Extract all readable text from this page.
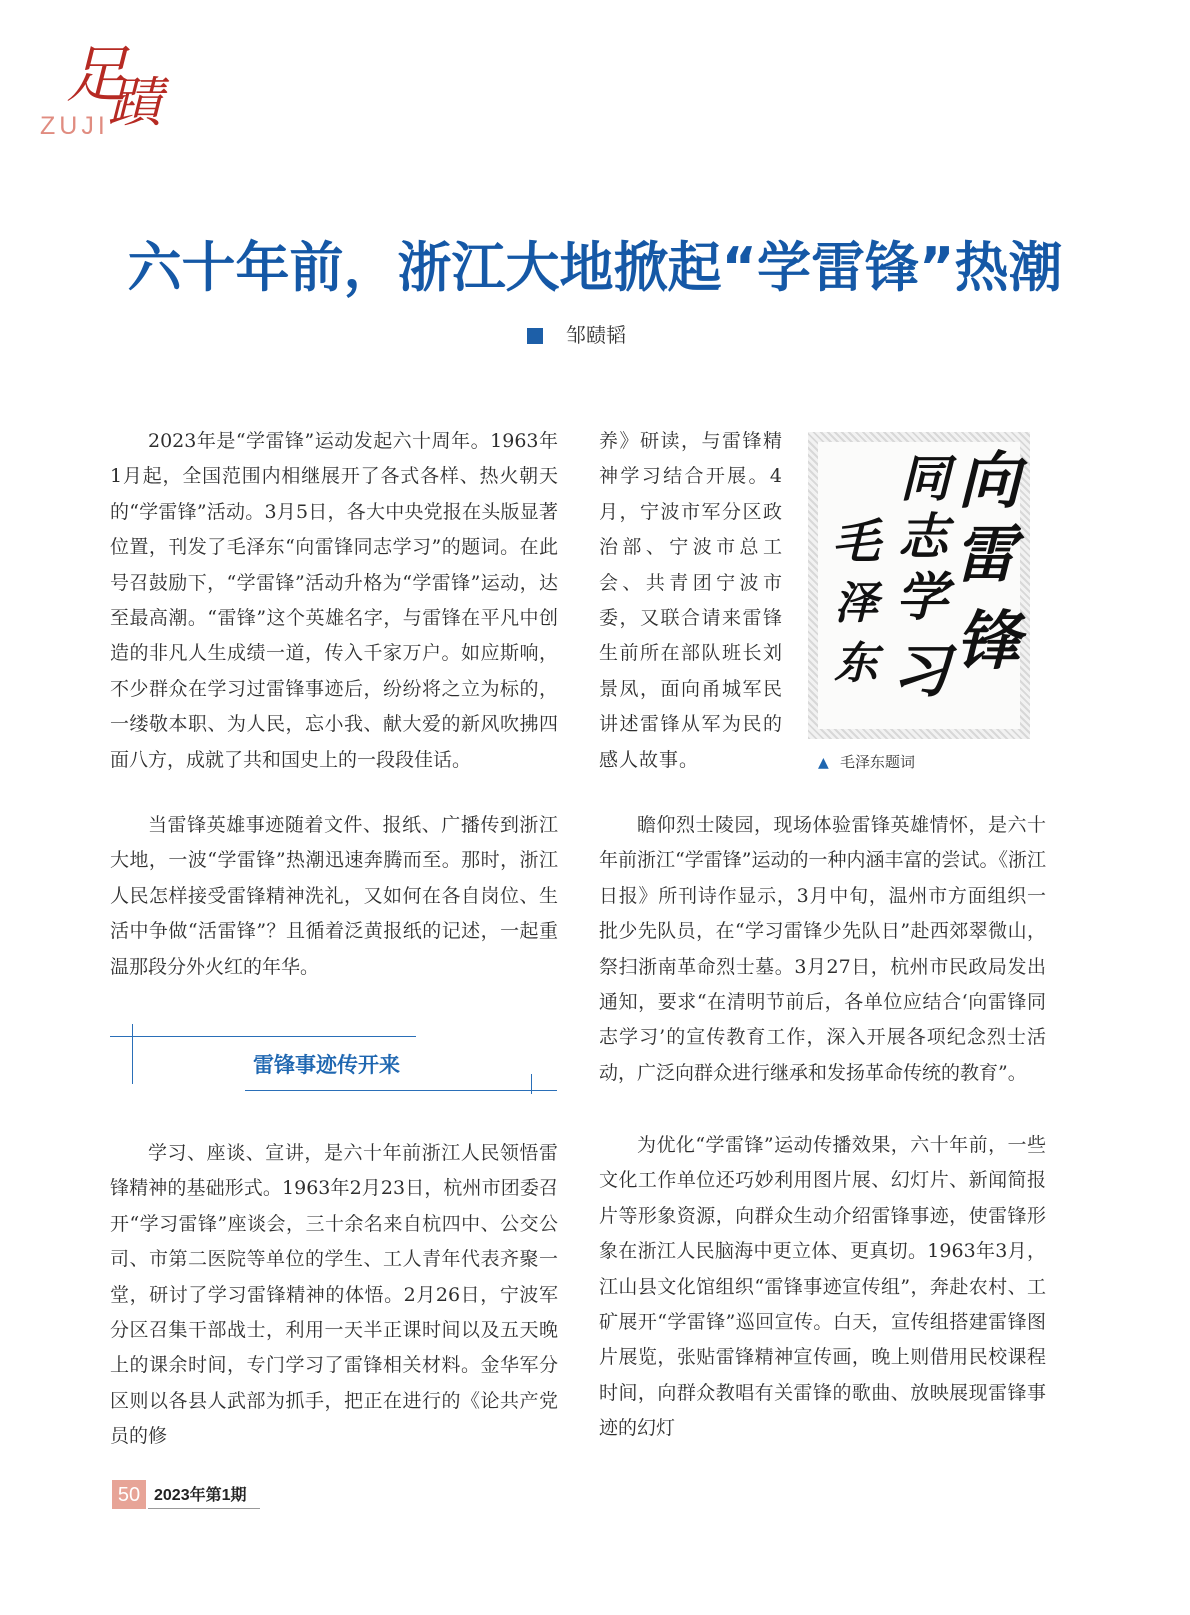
足
蹟
ZUJI
六十年前，浙江大地掀起“学雷锋”热潮
邹赜韬

2023年是“学雷锋”运动发起六十周年。1963年1月起，全国范围内相继展开了各式各样、热火朝天的“学雷锋”活动。3月5日，各大中央党报在头版显著位置，刊发了毛泽东“向雷锋同志学习”的题词。在此号召鼓励下，“学雷锋”活动升格为“学雷锋”运动，达至最高潮。“雷锋”这个英雄名字，与雷锋在平凡中创造的非凡人生成绩一道，传入千家万户。如应斯响，不少群众在学习过雷锋事迹后，纷纷将之立为标的，一缕敬本职、为人民，忘小我、献大爱的新风吹拂四面八方，成就了共和国史上的一段段佳话。

当雷锋英雄事迹随着文件、报纸、广播传到浙江大地，一波“学雷锋”热潮迅速奔腾而至。那时，浙江人民怎样接受雷锋精神洗礼，又如何在各自岗位、生活中争做“活雷锋”？且循着泛黄报纸的记述，一起重温那段分外火红的年华。

雷锋事迹传开来

学习、座谈、宣讲，是六十年前浙江人民领悟雷锋精神的基础形式。1963年2月23日，杭州市团委召开“学习雷锋”座谈会，三十余名来自杭四中、公交公司、市第二医院等单位的学生、工人青年代表齐聚一堂，研讨了学习雷锋精神的体悟。2月26日，宁波军分区召集干部战士，利用一天半正课时间以及五天晚上的课余时间，专门学习了雷锋相关材料。金华军分区则以各县人武部为抓手，把正在进行的《论共产党员的修

养》研读，与雷锋精神学习结合开展。4月，宁波市军分区政治部、宁波市总工会、共青团宁波市委，又联合请来雷锋生前所在部队班长刘景凤，面向甬城军民讲述雷锋从军为民的感人故事。

瞻仰烈士陵园，现场体验雷锋英雄情怀，是六十年前浙江“学雷锋”运动的一种内涵丰富的尝试。《浙江日报》所刊诗作显示，3月中旬，温州市方面组织一批少先队员，在“学习雷锋少先队日”赴西郊翠微山，祭扫浙南革命烈士墓。3月27日，杭州市民政局发出通知，要求“在清明节前后，各单位应结合‘向雷锋同志学习’的宣传教育工作，深入开展各项纪念烈士活动，广泛向群众进行继承和发扬革命传统的教育”。

为优化“学雷锋”运动传播效果，六十年前，一些文化工作单位还巧妙利用图片展、幻灯片、新闻简报片等形象资源，向群众生动介绍雷锋事迹，使雷锋形象在浙江人民脑海中更立体、更真切。1963年3月，江山县文化馆组织“雷锋事迹宣传组”，奔赴农村、工矿展开“学雷锋”巡回宣传。白天，宣传组搭建雷锋图片展览，张贴雷锋精神宣传画，晚上则借用民校课程时间，向群众教唱有关雷锋的歌曲、放映展现雷锋事迹的幻灯

向
雷
锋
同
志
学
习
毛
泽
东
▲ 毛泽东题词
50 2023年第1期
